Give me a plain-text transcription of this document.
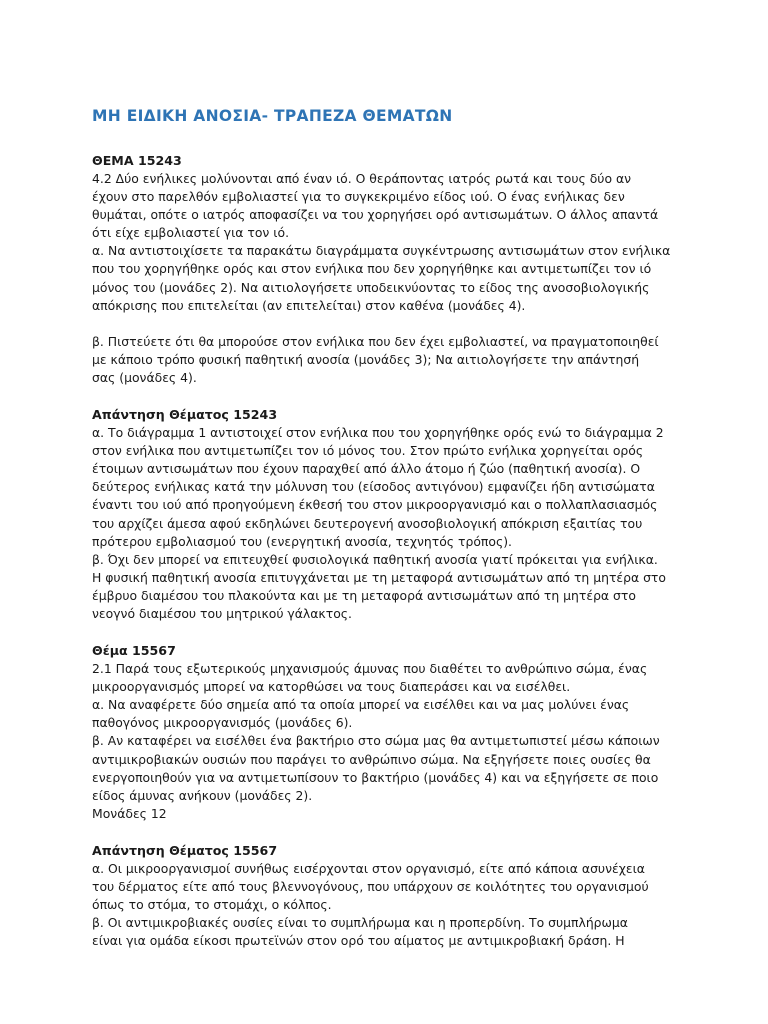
ΜΗ ΕΙΔΙΚΗ ΑΝΟΣΙΑ- ΤΡΑΠΕΖΑ ΘΕΜΑΤΩΝ
ΘΕΜΑ 15243
4.2 Δύο ενήλικες μολύνονται από έναν ιό. Ο θεράποντας ιατρός ρωτά και τους δύο αν
έχουν στο παρελθόν εμβολιαστεί για το συγκεκριμένο είδος ιού. Ο ένας ενήλικας δεν
θυμάται, οπότε ο ιατρός αποφασίζει να του χορηγήσει ορό αντισωμάτων. Ο άλλος απαντά
ότι είχε εμβολιαστεί για τον ιό.
α. Να αντιστοιχίσετε τα παρακάτω διαγράμματα συγκέντρωσης αντισωμάτων στον ενήλικα
που του χορηγήθηκε ορός και στον ενήλικα που δεν χορηγήθηκε και αντιμετωπίζει τον ιό
μόνος του (μονάδες 2). Να αιτιολογήσετε υποδεικνύοντας το είδος της ανοσοβιολογικής
απόκρισης που επιτελείται (αν επιτελείται) στον καθένα (μονάδες 4).
β. Πιστεύετε ότι θα μπορούσε στον ενήλικα που δεν έχει εμβολιαστεί, να πραγματοποιηθεί
με κάποιο τρόπο φυσική παθητική ανοσία (μονάδες 3); Να αιτιολογήσετε την απάντησή
σας (μονάδες 4).
Απάντηση Θέματος 15243
α. Το διάγραμμα 1 αντιστοιχεί στον ενήλικα που του χορηγήθηκε ορός ενώ το διάγραμμα 2
στον ενήλικα που αντιμετωπίζει τον ιό μόνος του. Στον πρώτο ενήλικα χορηγείται ορός
έτοιμων αντισωμάτων που έχουν παραχθεί από άλλο άτομο ή ζώο (παθητική ανοσία). Ο
δεύτερος ενήλικας κατά την μόλυνση του (είσοδος αντιγόνου) εμφανίζει ήδη αντισώματα
έναντι του ιού από προηγούμενη έκθεσή του στον μικροοργανισμό και ο πολλαπλασιασμός
του αρχίζει άμεσα αφού εκδηλώνει δευτερογενή ανοσοβιολογική απόκριση εξαιτίας του
πρότερου εμβολιασμού του (ενεργητική ανοσία, τεχνητός τρόπος).
β. Όχι δεν μπορεί να επιτευχθεί φυσιολογικά παθητική ανοσία γιατί πρόκειται για ενήλικα.
Η φυσική παθητική ανοσία επιτυγχάνεται με τη μεταφορά αντισωμάτων από τη μητέρα στο
έμβρυο διαμέσου του πλακούντα και με τη μεταφορά αντισωμάτων από τη μητέρα στο
νεογνό διαμέσου του μητρικού γάλακτος.
Θέμα 15567
2.1 Παρά τους εξωτερικούς μηχανισμούς άμυνας που διαθέτει το ανθρώπινο σώμα, ένας
μικροοργανισμός μπορεί να κατορθώσει να τους διαπεράσει και να εισέλθει.
α. Να αναφέρετε δύο σημεία από τα οποία μπορεί να εισέλθει και να μας μολύνει ένας
παθογόνος μικροοργανισμός (μονάδες 6).
β. Αν καταφέρει να εισέλθει ένα βακτήριο στο σώμα μας θα αντιμετωπιστεί μέσω κάποιων
αντιμικροβιακών ουσιών που παράγει το ανθρώπινο σώμα. Να εξηγήσετε ποιες ουσίες θα
ενεργοποιηθούν για να αντιμετωπίσουν το βακτήριο (μονάδες 4) και να εξηγήσετε σε ποιο
είδος άμυνας ανήκουν (μονάδες 2).
Μονάδες 12
Απάντηση Θέματος 15567
α. Οι μικροοργανισμοί συνήθως εισέρχονται στον οργανισμό, είτε από κάποια ασυνέχεια
του δέρματος είτε από τους βλεννογόνους, που υπάρχουν σε κοιλότητες του οργανισμού
όπως το στόμα, το στομάχι, ο κόλπος.
β. Οι αντιμικροβιακές ουσίες είναι το συμπλήρωμα και η προπερδίνη. Το συμπλήρωμα
είναι για ομάδα είκοσι πρωτεϊνών στον ορό του αίματος με αντιμικροβιακή δράση. Η
